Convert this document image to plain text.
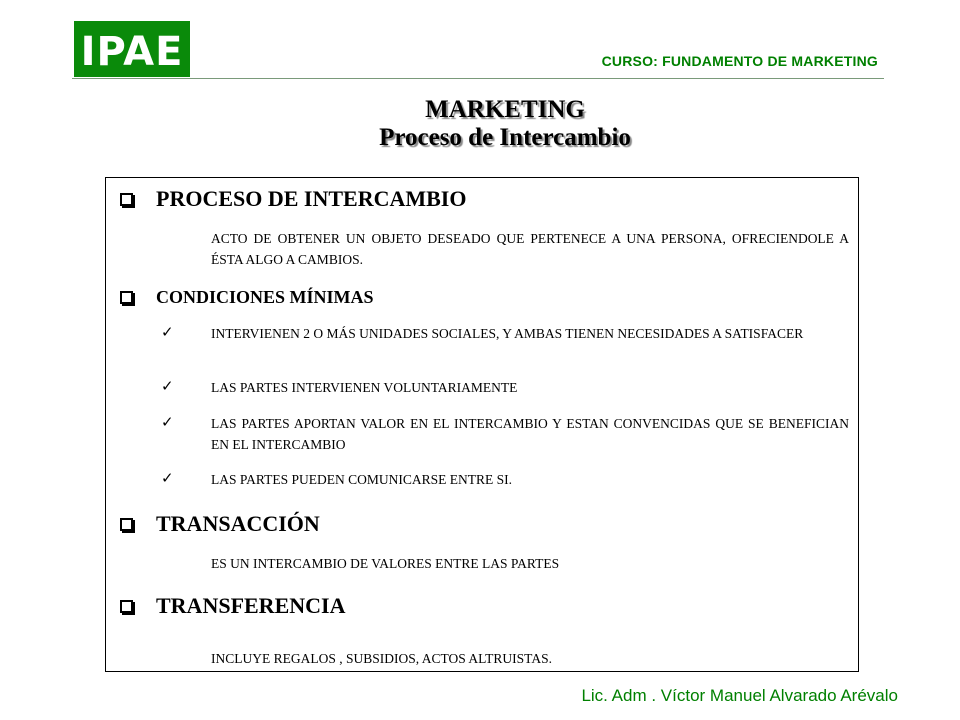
IPAE	CURSO: FUNDAMENTO DE MARKETING
MARKETING
Proceso de Intercambio
PROCESO DE INTERCAMBIO
ACTO DE OBTENER UN OBJETO DESEADO QUE PERTENECE A UNA PERSONA, OFRECIENDOLE A ÉSTA ALGO A CAMBIOS.
CONDICIONES MÍNIMAS
✓	INTERVIENEN 2 O MÁS UNIDADES SOCIALES, Y AMBAS TIENEN NECESIDADES A SATISFACER
✓	LAS PARTES INTERVIENEN VOLUNTARIAMENTE
✓	LAS PARTES APORTAN VALOR EN EL INTERCAMBIO Y ESTAN CONVENCIDAS QUE SE BENEFICIAN EN EL INTERCAMBIO
✓	LAS PARTES PUEDEN COMUNICARSE ENTRE SI.
TRANSACCIÓN
ES UN INTERCAMBIO DE VALORES ENTRE LAS PARTES
TRANSFERENCIA
INCLUYE REGALOS , SUBSIDIOS, ACTOS ALTRUISTAS.
Lic. Adm . Víctor Manuel Alvarado Arévalo
